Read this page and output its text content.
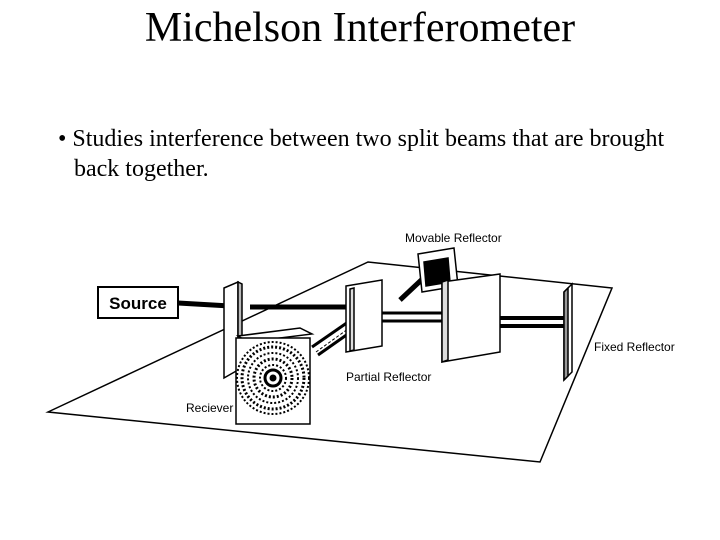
Michelson Interferometer

• Studies interference between two split beams that are brought back together.

Source
Movable Reflector
Partial Reflector
Fixed Reflector
Reciever
